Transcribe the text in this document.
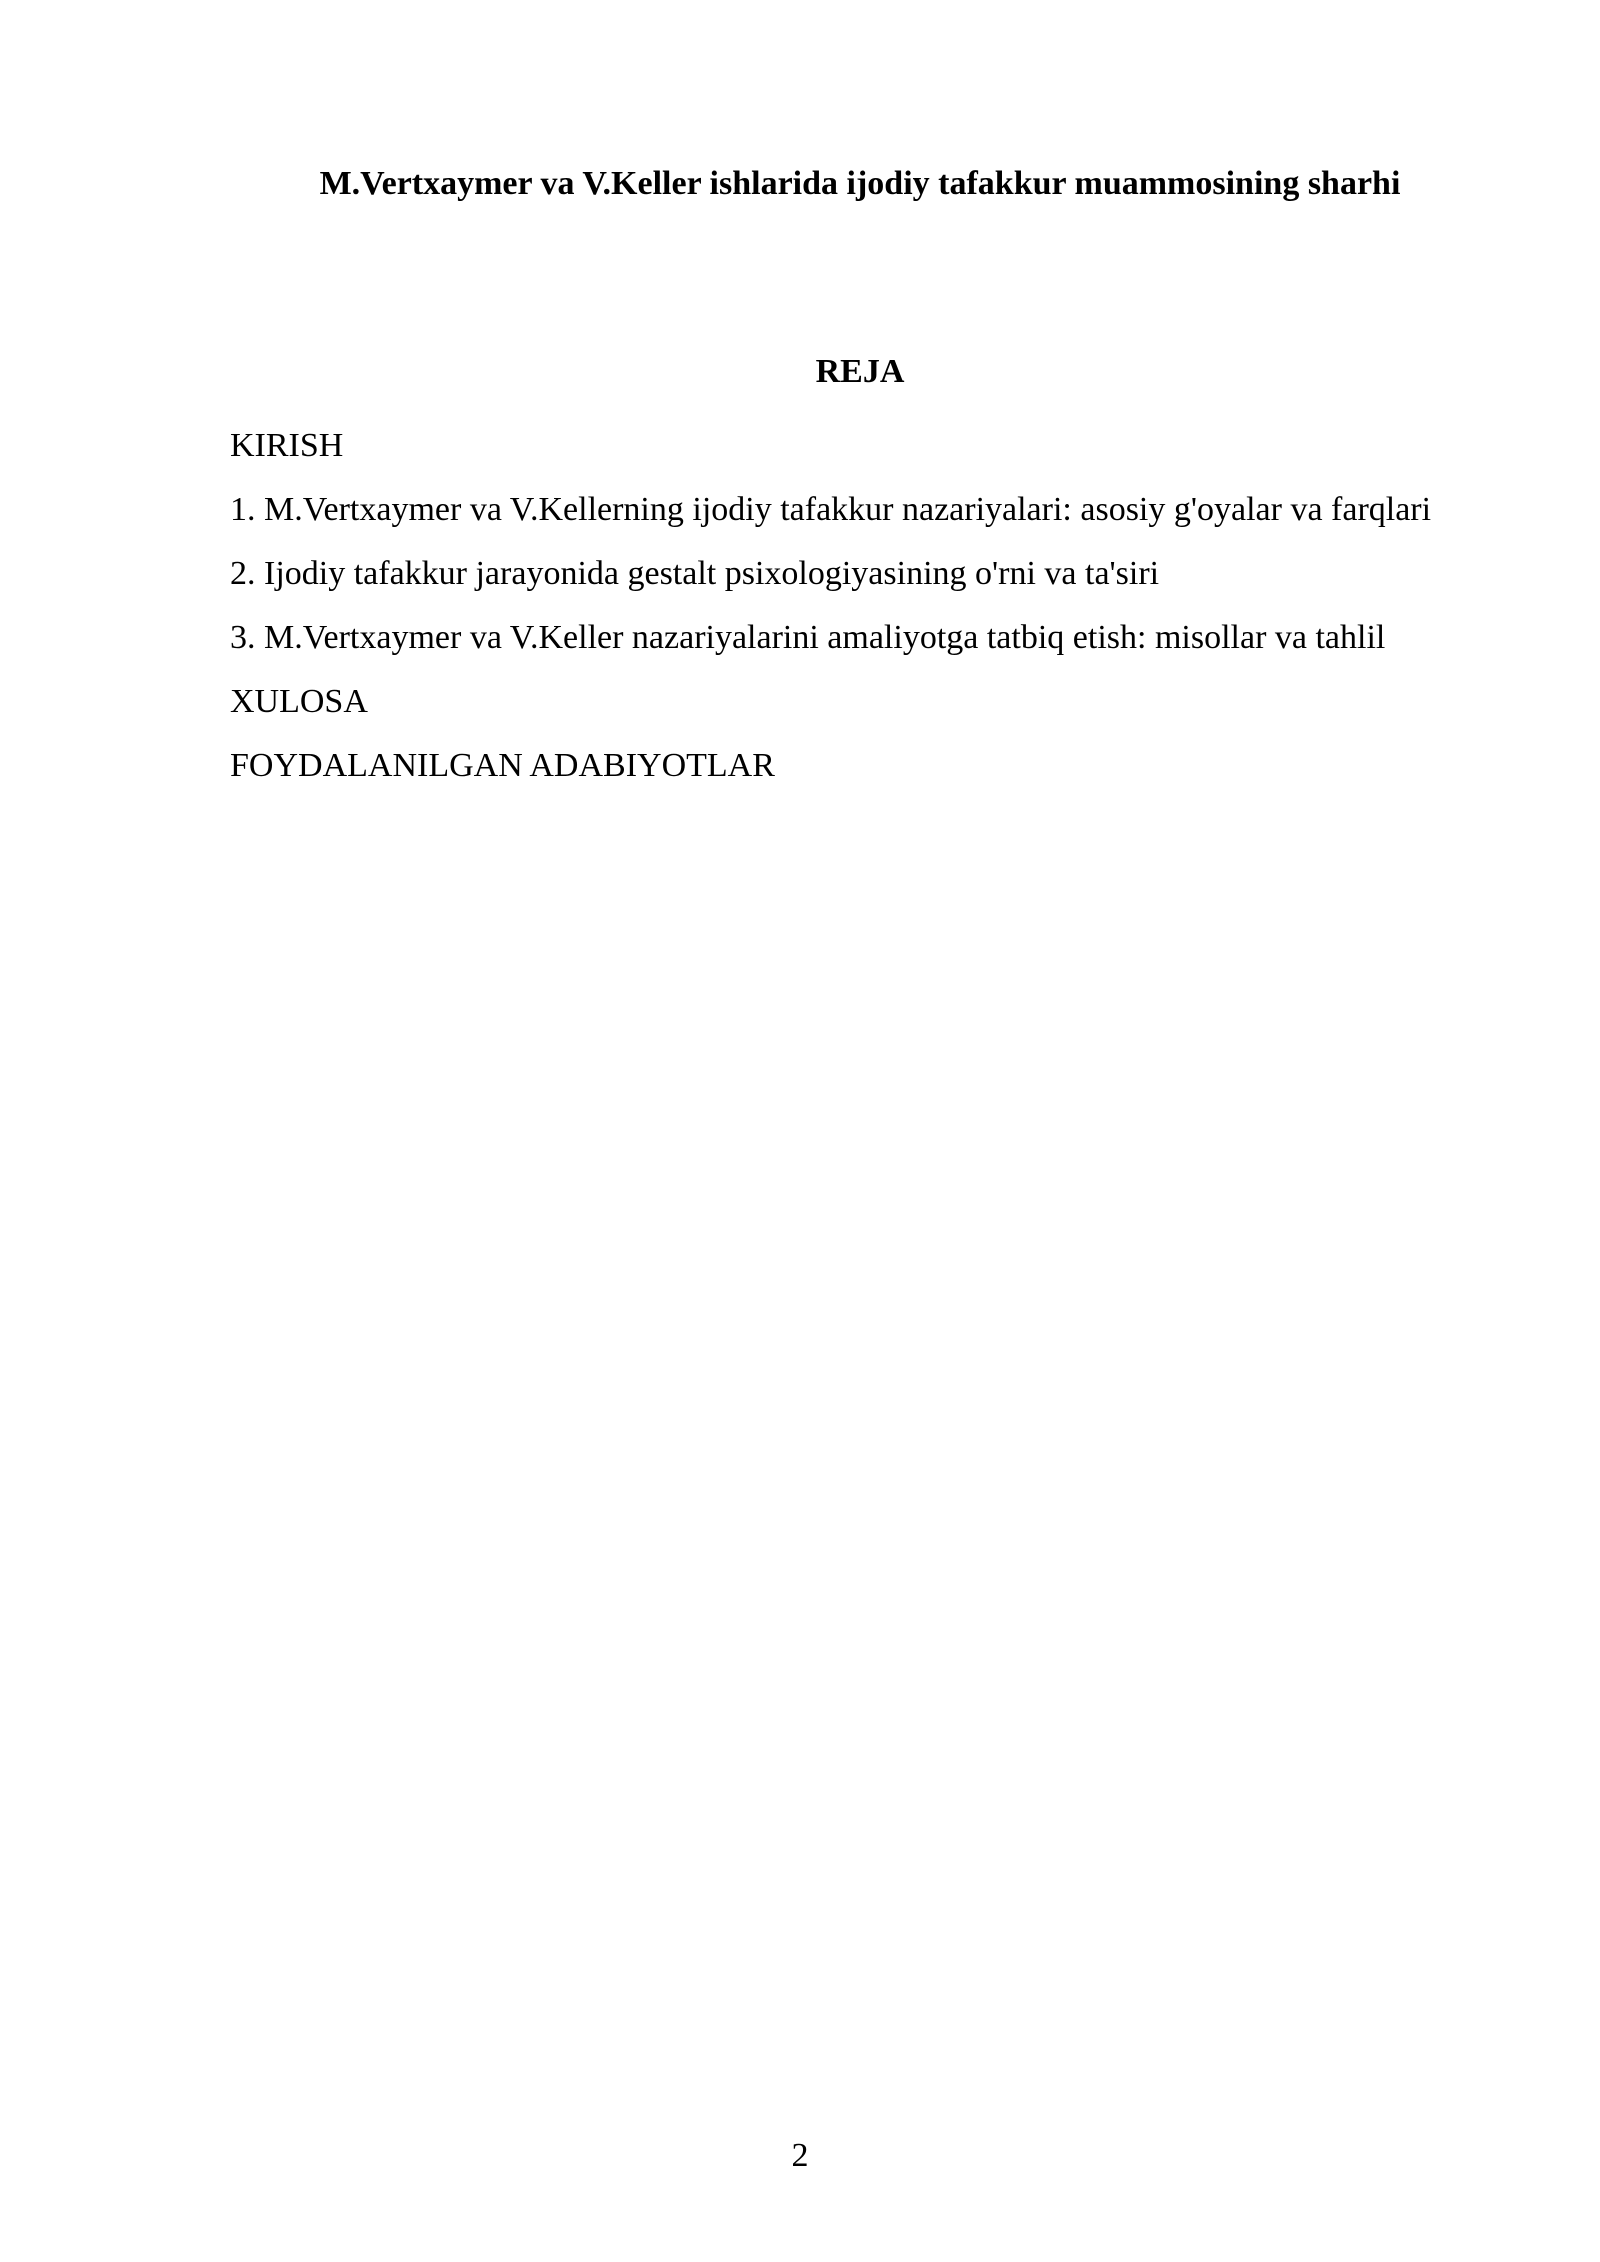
M.Vertxaymer va V.Keller ishlarida ijodiy tafakkur muammosining sharhi
REJA
KIRISH
1. M.Vertxaymer va V.Kellerning ijodiy tafakkur nazariyalari: asosiy g'oyalar va farqlari
2. Ijodiy tafakkur jarayonida gestalt psixologiyasining o'rni va ta'siri
3. M.Vertxaymer va V.Keller nazariyalarini amaliyotga tatbiq etish: misollar va tahlil
XULOSA
FOYDALANILGAN ADABIYOTLAR
2
